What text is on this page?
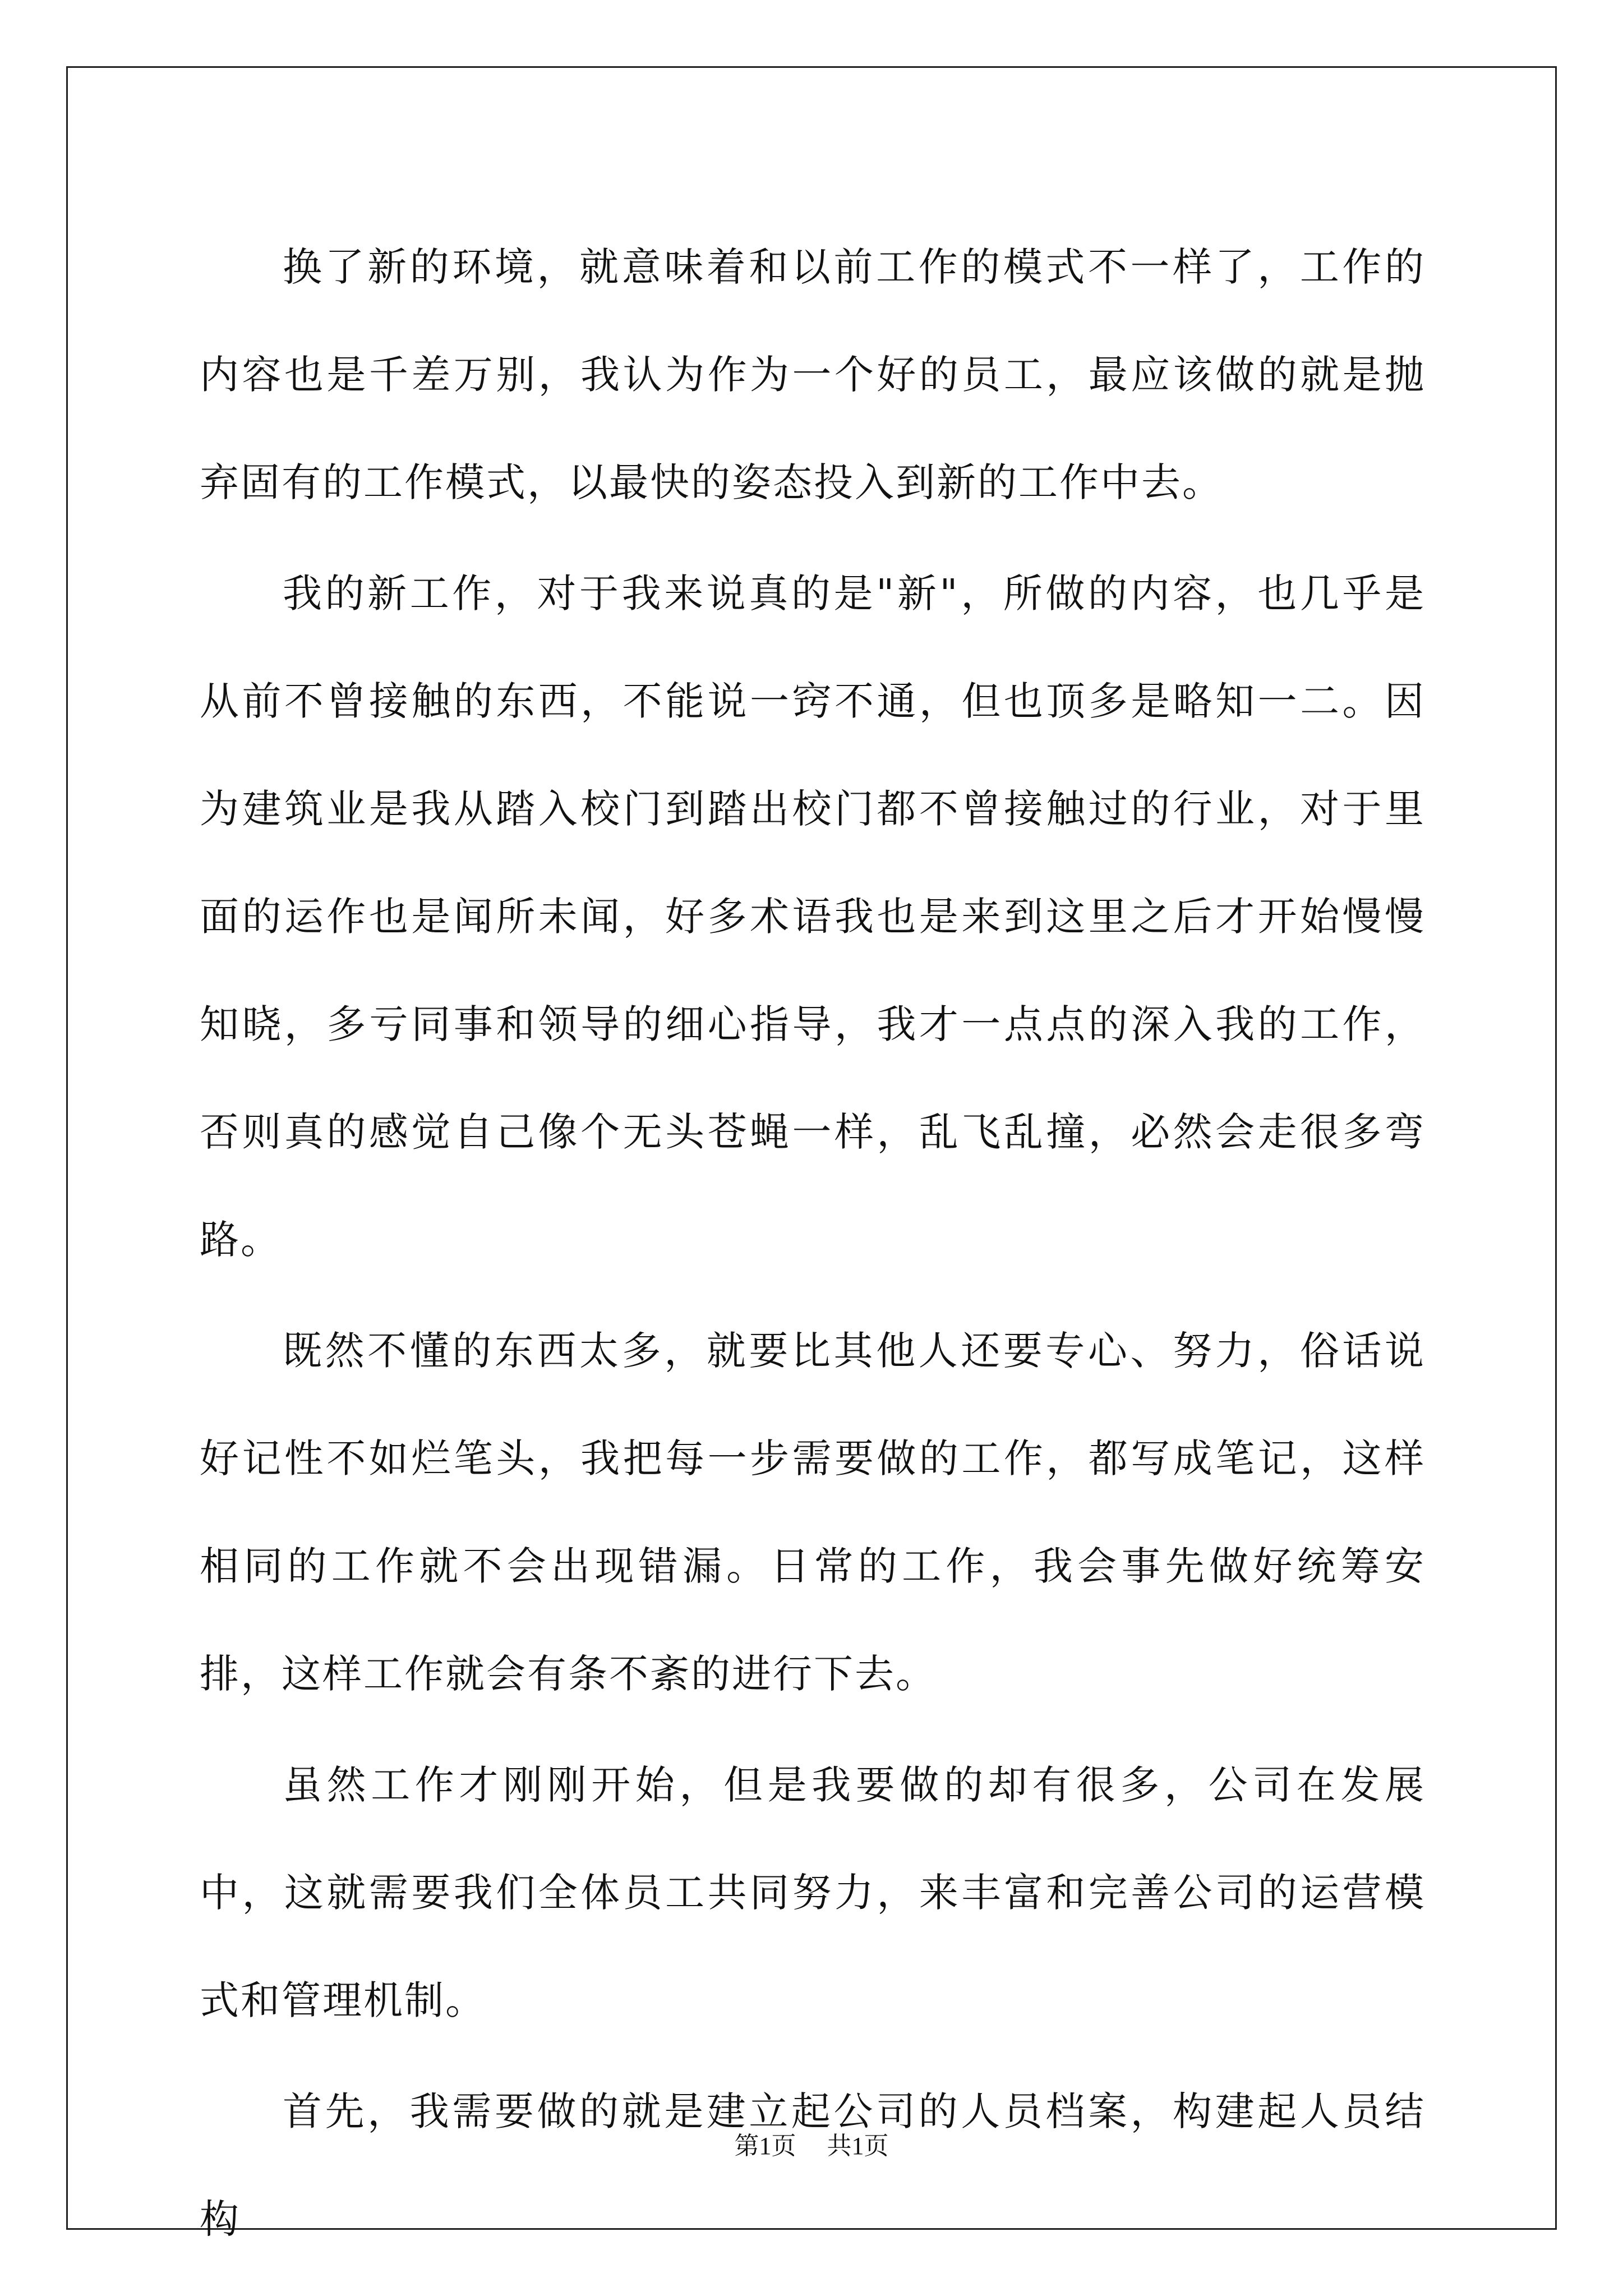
换了新的环境，就意味着和以前工作的模式不一样了，工作的内容也是千差万别，我认为作为一个好的员工，最应该做的就是抛弃固有的工作模式，以最快的姿态投入到新的工作中去。

我的新工作，对于我来说真的是"新"，所做的内容，也几乎是从前不曾接触的东西，不能说一窍不通，但也顶多是略知一二。因为建筑业是我从踏入校门到踏出校门都不曾接触过的行业，对于里面的运作也是闻所未闻，好多术语我也是来到这里之后才开始慢慢知晓，多亏同事和领导的细心指导，我才一点点的深入我的工作，否则真的感觉自己像个无头苍蝇一样，乱飞乱撞，必然会走很多弯路。

既然不懂的东西太多，就要比其他人还要专心、努力，俗话说好记性不如烂笔头，我把每一步需要做的工作，都写成笔记，这样相同的工作就不会出现错漏。日常的工作，我会事先做好统筹安排，这样工作就会有条不紊的进行下去。

虽然工作才刚刚开始，但是我要做的却有很多，公司在发展中，这就需要我们全体员工共同努力，来丰富和完善公司的运营模式和管理机制。

首先，我需要做的就是建立起公司的人员档案，构建起人员结构

第1页 共1页
